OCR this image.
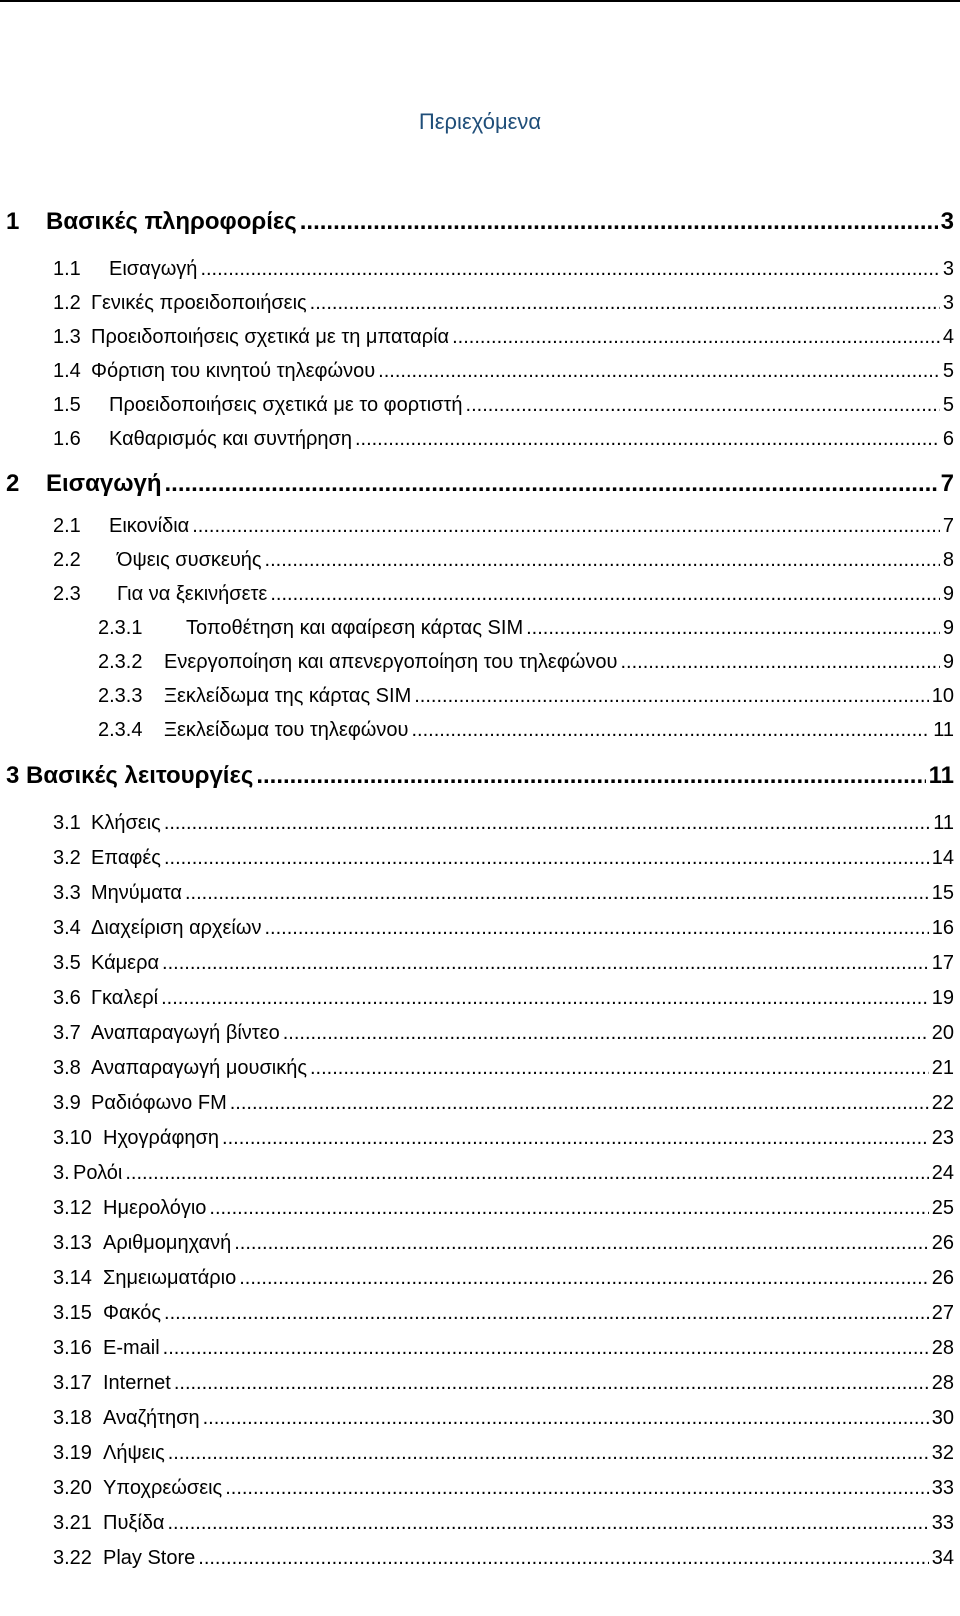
Περιεχόμενα
1	Βασικές πληροφορίες .....	3
1.1	Εισαγωγή .....	3
1.2 Γενικές προειδοποιήσεις .....	3
1.3 Προειδοποιήσεις σχετικά με τη μπαταρία .....	4
1.4 Φόρτιση του κινητού τηλεφώνου .....	5
1.5	Προειδοποιήσεις σχετικά με το φορτιστή .....	5
1.6	Καθαρισμός και συντήρηση .....	6
2	Εισαγωγή .....	7
2.1	Εικονίδια .....	7
2.2	Όψεις συσκευής .....	8
2.3	Για να ξεκινήσετε .....	9
2.3.1	Τοποθέτηση και αφαίρεση κάρτας SIM .....	9
2.3.2	Ενεργοποίηση και απενεργοποίηση του τηλεφώνου .....	9
2.3.3	Ξεκλείδωμα της κάρτας SIM .....	10
2.3.4	Ξεκλείδωμα του τηλεφώνου .....	11
3 Βασικές λειτουργίες .....	11
3.1 Κλήσεις .....	11
3.2 Επαφές .....	14
3.3 Μηνύματα .....	15
3.4 Διαχείριση αρχείων .....	16
3.5 Κάμερα .....	17
3.6 Γκαλερί .....	19
3.7 Αναπαραγωγή βίντεο .....	20
3.8 Αναπαραγωγή μουσικής .....	21
3.9 Ραδιόφωνο FM .....	22
3.10 Ηχογράφηση .....	23
3. Ρολόι .....	24
3.12 Ημερολόγιο .....	25
3.13 Αριθμομηχανή .....	26
3.14 Σημειωματάριο .....	26
3.15 Φακός .....	27
3.16 E-mail .....	28
3.17 Internet .....	28
3.18 Αναζήτηση .....	30
3.19 Λήψεις .....	32
3.20 Υποχρεώσεις .....	33
3.21 Πυξίδα .....	33
3.22 Play Store .....	34
